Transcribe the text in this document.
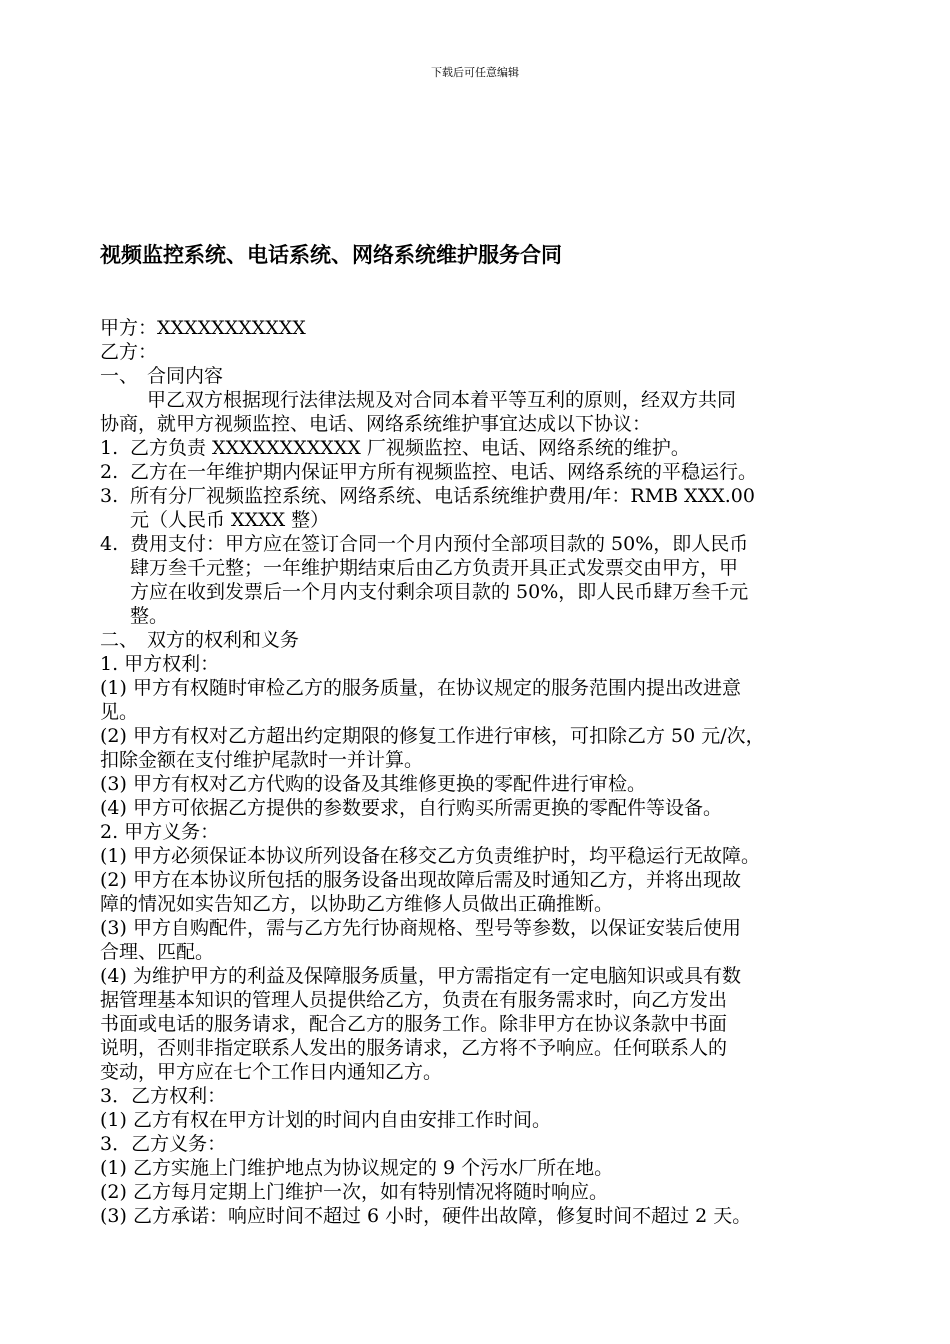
下载后可任意编辑
视频监控系统、电话系统、网络系统维护服务合同
甲方：XXXXXXXXXXX
乙方：
一、 合同内容
甲乙双方根据现行法律法规及对合同本着平等互利的原则，经双方共同
协商，就甲方视频监控、电话、网络系统维护事宜达成以下协议：
1. 乙方负责 XXXXXXXXXXX 厂视频监控、电话、网络系统的维护。
2. 乙方在一年维护期内保证甲方所有视频监控、电话、网络系统的平稳运行。
3. 所有分厂视频监控系统、网络系统、电话系统维护费用/年：RMB XXX.00
元（人民币 XXXX 整）
4. 费用支付：甲方应在签订合同一个月内预付全部项目款的 50%，即人民币
肆万叁千元整；一年维护期结束后由乙方负责开具正式发票交由甲方，甲
方应在收到发票后一个月内支付剩余项目款的 50%，即人民币肆万叁千元
整。
二、 双方的权利和义务
1. 甲方权利：
(1) 甲方有权随时审检乙方的服务质量，在协议规定的服务范围内提出改进意
见。
(2) 甲方有权对乙方超出约定期限的修复工作进行审核，可扣除乙方 50 元/次，
扣除金额在支付维护尾款时一并计算。
(3) 甲方有权对乙方代购的设备及其维修更换的零配件进行审检。
(4) 甲方可依据乙方提供的参数要求，自行购买所需更换的零配件等设备。
2. 甲方义务：
(1) 甲方必须保证本协议所列设备在移交乙方负责维护时，均平稳运行无故障。
(2) 甲方在本协议所包括的服务设备出现故障后需及时通知乙方，并将出现故
障的情况如实告知乙方，以协助乙方维修人员做出正确推断。
(3) 甲方自购配件，需与乙方先行协商规格、型号等参数，以保证安装后使用
合理、匹配。
(4) 为维护甲方的利益及保障服务质量，甲方需指定有一定电脑知识或具有数
据管理基本知识的管理人员提供给乙方，负责在有服务需求时，向乙方发出
书面或电话的服务请求，配合乙方的服务工作。除非甲方在协议条款中书面
说明，否则非指定联系人发出的服务请求，乙方将不予响应。任何联系人的
变动，甲方应在七个工作日内通知乙方。
3．乙方权利：
(1) 乙方有权在甲方计划的时间内自由安排工作时间。
3．乙方义务：
(1) 乙方实施上门维护地点为协议规定的 9 个污水厂所在地。
(2) 乙方每月定期上门维护一次，如有特别情况将随时响应。
(3) 乙方承诺：响应时间不超过 6 小时，硬件出故障，修复时间不超过 2 天。
